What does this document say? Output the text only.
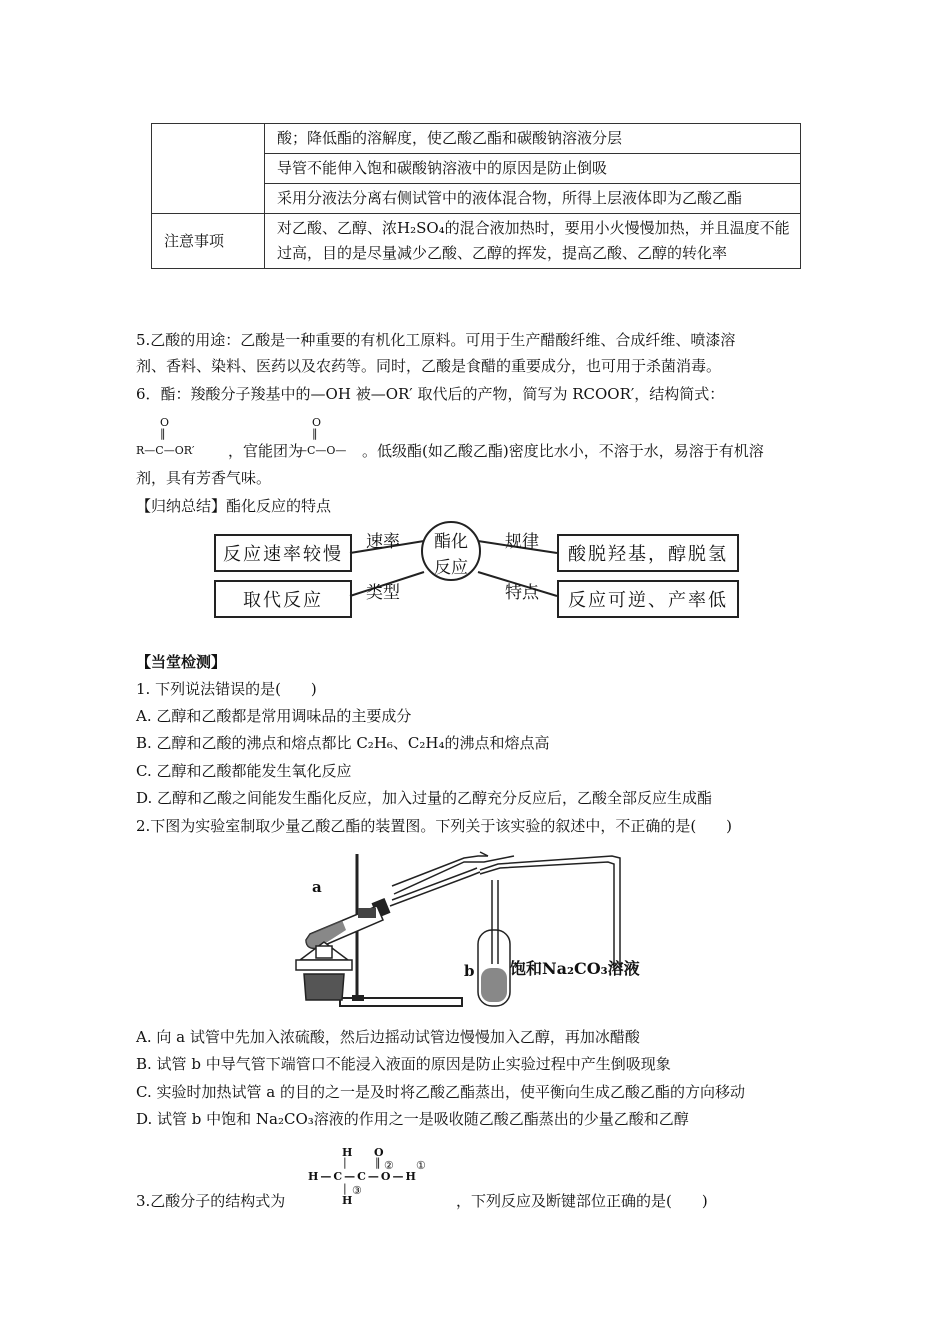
	酸；降低酯的溶解度，使乙酸乙酯和碳酸钠溶液分层
	导管不能伸入饱和碳酸钠溶液中的原因是防止倒吸
	采用分液法分离右侧试管中的液体混合物，所得上层液体即为乙酸乙酯
注意事项	对乙酸、乙醇、浓H₂SO₄的混合液加热时，要用小火慢慢加热，并且温度不能过高，目的是尽量减少乙酸、乙醇的挥发，提高乙酸、乙醇的转化率
5.乙酸的用途：乙酸是一种重要的有机化工原料。可用于生产醋酸纤维、合成纤维、喷漆溶
剂、香料、染料、医药以及农药等。同时，乙酸是食醋的重要成分，也可用于杀菌消毒。
6．酯：羧酸分子羧基中的—OH 被—OR′ 取代后的产物，简写为 RCOOR′，结构简式：
O
‖
R—C—OR′ ，官能团为
O
‖
—C—O— 。低级酯(如乙酸乙酯)密度比水小，不溶于水，易溶于有机溶
剂，具有芳香气味。
【归纳总结】酯化反应的特点
反应速率较慢
取代反应
酸脱羟基，醇脱氢
反应可逆、产率低
速率
类型
规律
特点
酯化
反应
【当堂检测】
1. 下列说法错误的是(　　)
A. 乙醇和乙酸都是常用调味品的主要成分
B. 乙醇和乙酸的沸点和熔点都比 C₂H₆、C₂H₄的沸点和熔点高
C. 乙醇和乙酸都能发生氧化反应
D. 乙醇和乙酸之间能发生酯化反应，加入过量的乙醇充分反应后，乙酸全部反应生成酯
2.下图为实验室制取少量乙酸乙酯的装置图。下列关于该实验的叙述中，不正确的是(　　)
a
b 饱和Na₂CO₃溶液
A. 向 a 试管中先加入浓硫酸，然后边摇动试管边慢慢加入乙醇，再加冰醋酸
B. 试管 b 中导气管下端管口不能浸入液面的原因是防止实验过程中产生倒吸现象
C. 实验时加热试管 a 的目的之一是及时将乙酸乙酯蒸出，使平衡向生成乙酸乙酯的方向移动
D. 试管 b 中饱和 Na₂CO₃溶液的作用之一是吸收随乙酸乙酯蒸出的少量乙酸和乙醇
H
|
O
‖ ② ①
H—C—C—O—H
| ③
H
3.乙酸分子的结构式为	，下列反应及断键部位正确的是(　　)
